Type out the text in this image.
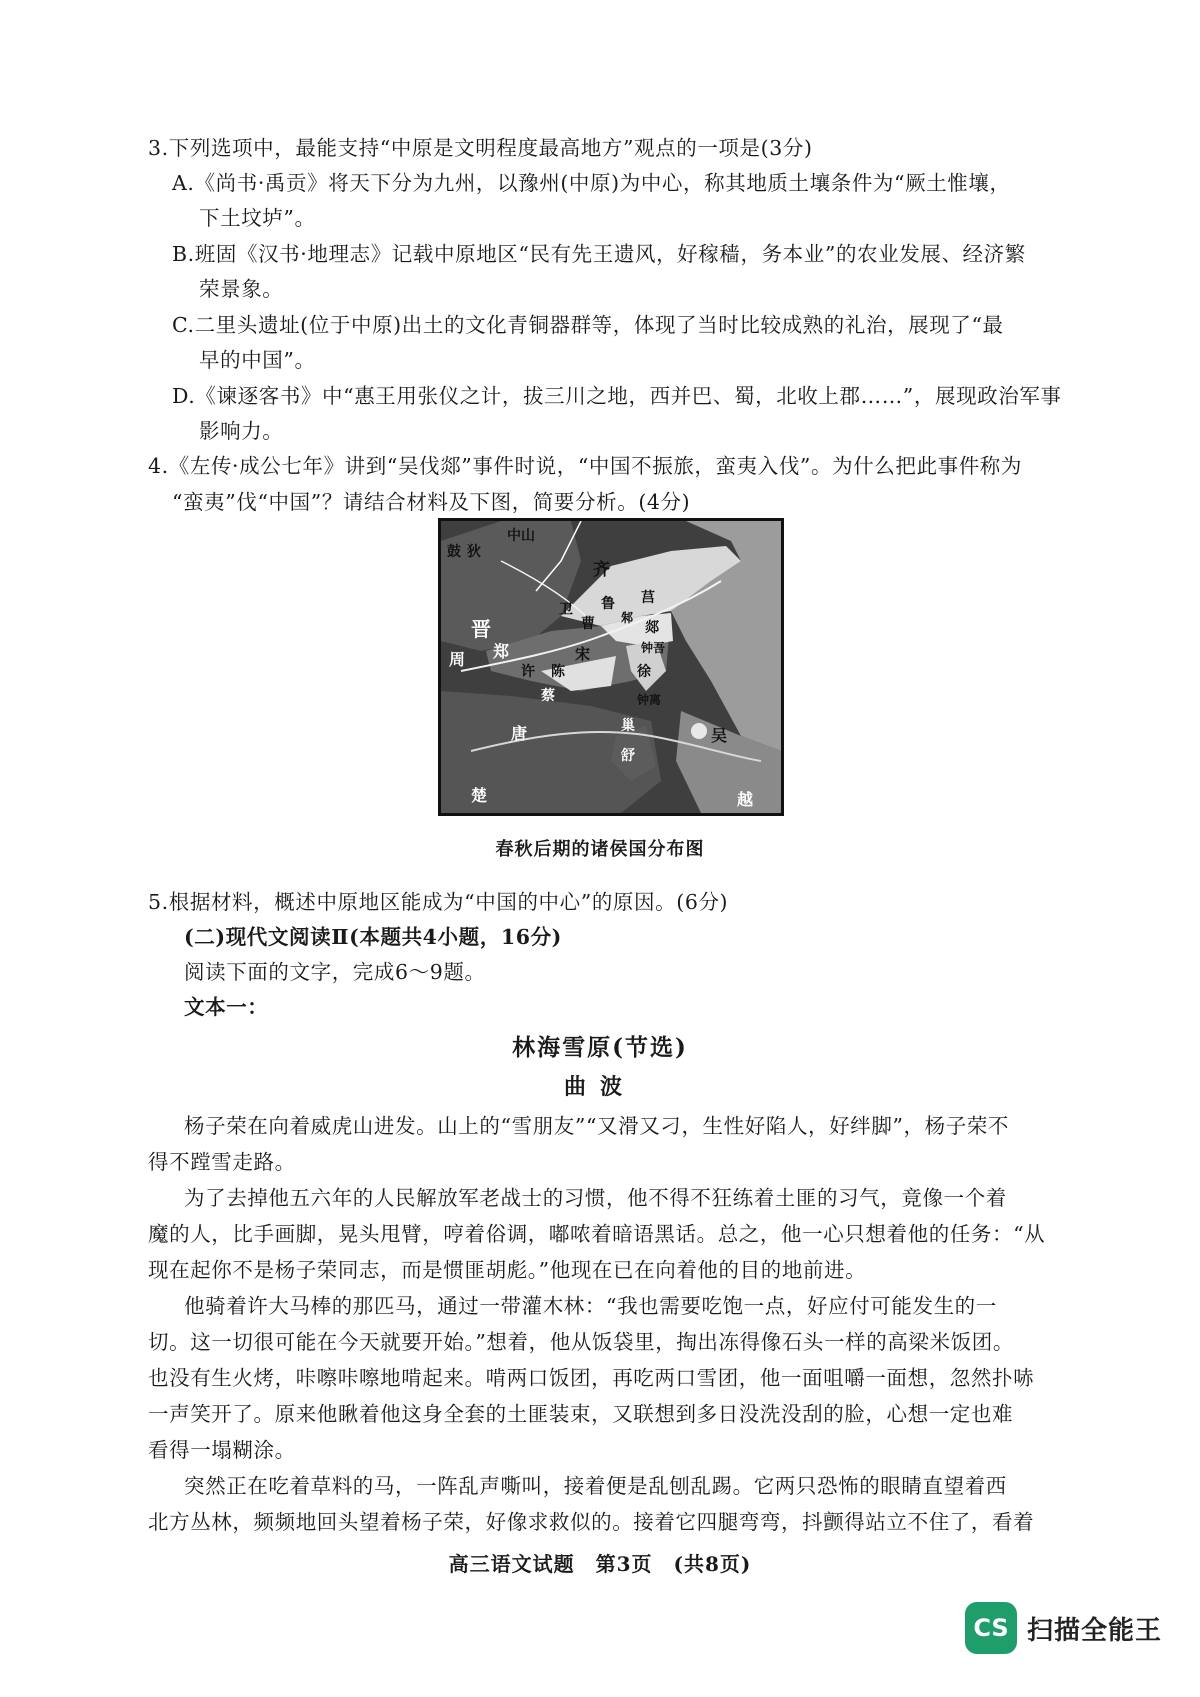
3.下列选项中，最能支持“中原是文明程度最高地方”观点的一项是(3分)
A.《尚书·禹贡》将天下分为九州，以豫州(中原)为中心，称其地质土壤条件为“厥土惟壤，
下土坟垆”。
B.班固《汉书·地理志》记载中原地区“民有先王遗风，好稼穑，务本业”的农业发展、经济繁
荣景象。
C.二里头遗址(位于中原)出土的文化青铜器群等，体现了当时比较成熟的礼治，展现了“最
早的中国”。
D.《谏逐客书》中“惠王用张仪之计，拔三川之地，西并巴、蜀，北收上郡……”，展现政治军事
影响力。
4.《左传·成公七年》讲到“吴伐郯”事件时说，“中国不振旅，蛮夷入伐”。为什么把此事件称为
“蛮夷”伐“中国”？请结合材料及下图，简要分析。(4分)
中山
鼓 狄
齐
晋
卫
曹
鲁
邾
莒
郯
周 郑	宋
许 陈	徐
钟吾
钟离
蔡
唐	巢	吴
舒
楚	越
春秋后期的诸侯国分布图
5.根据材料，概述中原地区能成为“中国的中心”的原因。(6分)
(二)现代文阅读Ⅱ(本题共4小题，16分)
阅读下面的文字，完成6～9题。
文本一：
林海雪原(节选)
曲波
杨子荣在向着威虎山进发。山上的“雪朋友”“又滑又刁，生性好陷人，好绊脚”，杨子荣不
得不蹚雪走路。
为了去掉他五六年的人民解放军老战士的习惯，他不得不狂练着土匪的习气，竟像一个着
魔的人，比手画脚，晃头甩臂，哼着俗调，嘟哝着暗语黑话。总之，他一心只想着他的任务：“从
现在起你不是杨子荣同志，而是惯匪胡彪。”他现在已在向着他的目的地前进。
他骑着许大马棒的那匹马，通过一带灌木林：“我也需要吃饱一点，好应付可能发生的一
切。这一切很可能在今天就要开始。”想着，他从饭袋里，掏出冻得像石头一样的高梁米饭团。
也没有生火烤，咔嚓咔嚓地啃起来。啃两口饭团，再吃两口雪团，他一面咀嚼一面想，忽然扑哧
一声笑开了。原来他瞅着他这身全套的土匪装束，又联想到多日没洗没刮的脸，心想一定也难
看得一塌糊涂。
突然正在吃着草料的马，一阵乱声嘶叫，接着便是乱刨乱踢。它两只恐怖的眼睛直望着西
北方丛林，频频地回头望着杨子荣，好像求救似的。接着它四腿弯弯，抖颤得站立不住了，看着
高三语文试题　第3页　(共8页)
CS 扫描全能王
